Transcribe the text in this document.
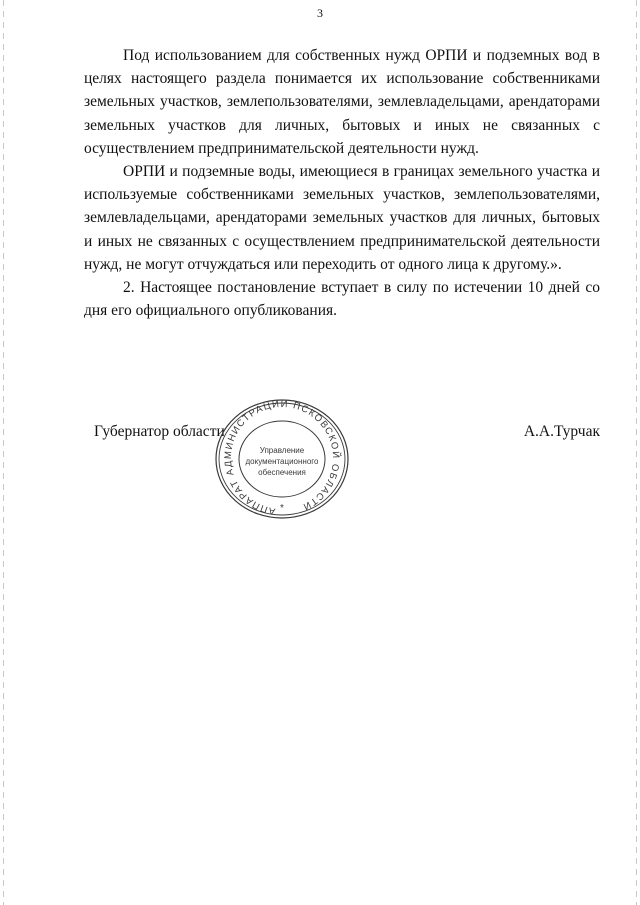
3

Под использованием для собственных нужд ОРПИ и подземных вод в целях настоящего раздела понимается их использование собственниками земельных участков, землепользователями, землевладельцами, арендаторами земельных участков для личных, бытовых и иных не связанных с осуществлением предпринимательской деятельности нужд.

ОРПИ и подземные воды, имеющиеся в границах земельного участка и используемые собственниками земельных участков, землепользователями, землевладельцами, арендаторами земельных участков для личных, бытовых и иных не связанных с осуществлением предпринимательской деятельности нужд, не могут отчуждаться или переходить от одного лица к другому.».

2. Настоящее постановление вступает в силу по истечении 10 дней со дня его официального опубликования.

Губернатор области	А.А.Турчак
АППАРАТ АДМИНИСТРАЦИИ ПСКОВСКОЙ ОБЛАСТИ
Управление
документационного
обеспечения
*
